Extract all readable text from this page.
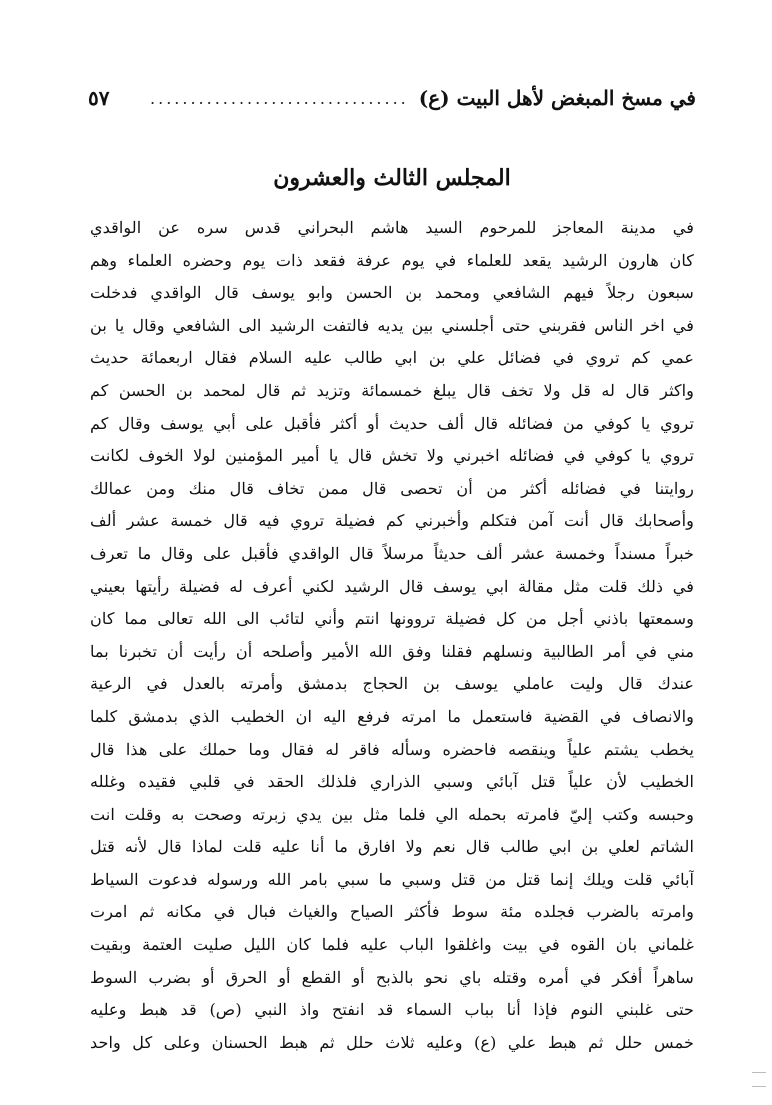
في مسخ المبغض لأهل البيت (ع)
................................
٥٧
المجلس الثالث والعشرون
في مدينة المعاجز للمرحوم السيد هاشم البحراني قدس سره عن الواقدي
كان هارون الرشيد يقعد للعلماء في يوم عرفة فقعد ذات يوم وحضره العلماء وهم
سبعون رجلاً فيهم الشافعي ومحمد بن الحسن وابو يوسف قال الواقدي فدخلت
في اخر الناس فقربني حتى أجلسني بين يديه فالتفت الرشيد الى الشافعي وقال يا بن
عمي كم تروي في فضائل علي بن ابي طالب عليه السلام فقال اربعمائة حديث
واكثر قال له قل ولا تخف قال يبلغ خمسمائة وتزيد ثم قال لمحمد بن الحسن كم
تروي يا كوفي من فضائله قال ألف حديث أو أكثر فأقبل على أبي يوسف وقال كم
تروي يا كوفي في فضائله اخبرني ولا تخش قال يا أمير المؤمنين لولا الخوف لكانت
روايتنا في فضائله أكثر من أن تحصى قال ممن تخاف قال منك ومن عمالك
وأصحابك قال أنت آمن فتكلم وأخبرني كم فضيلة تروي فيه قال خمسة عشر ألف
خبراً مسنداً وخمسة عشر ألف حديثاً مرسلاً قال الواقدي فأقبل على وقال ما تعرف
في ذلك قلت مثل مقالة ابي يوسف قال الرشيد لكني أعرف له فضيلة رأيتها بعيني
وسمعتها باذني أجل من كل فضيلة تروونها انتم وأني لتائب الى الله تعالى مما كان
مني في أمر الطالبية ونسلهم فقلنا وفق الله الأمير وأصلحه أن رأيت أن تخبرنا بما
عندك قال وليت عاملي يوسف بن الحجاج بدمشق وأمرته بالعدل في الرعية
والانصاف في القضية فاستعمل ما امرته فرفع اليه ان الخطيب الذي بدمشق كلما
يخطب يشتم علياً وينقصه فاحضره وسأله فاقر له فقال وما حملك على هذا قال
الخطيب لأن علياً قتل آبائي وسبي الذراري فلذلك الحقد في قلبي فقيده وغلله
وحبسه وكتب إليّ فامرته بحمله الي فلما مثل بين يدي زبرته وصحت به وقلت انت
الشاتم لعلي بن ابي طالب قال نعم ولا افارق ما أنا عليه قلت لماذا قال لأنه قتل
آبائي قلت ويلك إنما قتل من قتل وسبي ما سبي بامر الله ورسوله فدعوت السياط
وامرته بالضرب فجلده مئة سوط فأكثر الصياح والغياث فبال في مكانه ثم امرت
غلماني بان القوه في بيت واغلقوا الباب عليه فلما كان الليل صليت العتمة وبقيت
ساهراً أفكر في أمره وقتله باي نحو بالذبح أو القطع أو الحرق أو بضرب السوط
حتى غلبني النوم فإذا أنا بباب السماء قد انفتح واذ النبي (ص) قد هبط وعليه
خمس حلل ثم هبط علي (ع) وعليه ثلاث حلل ثم هبط الحسنان وعلى كل واحد
